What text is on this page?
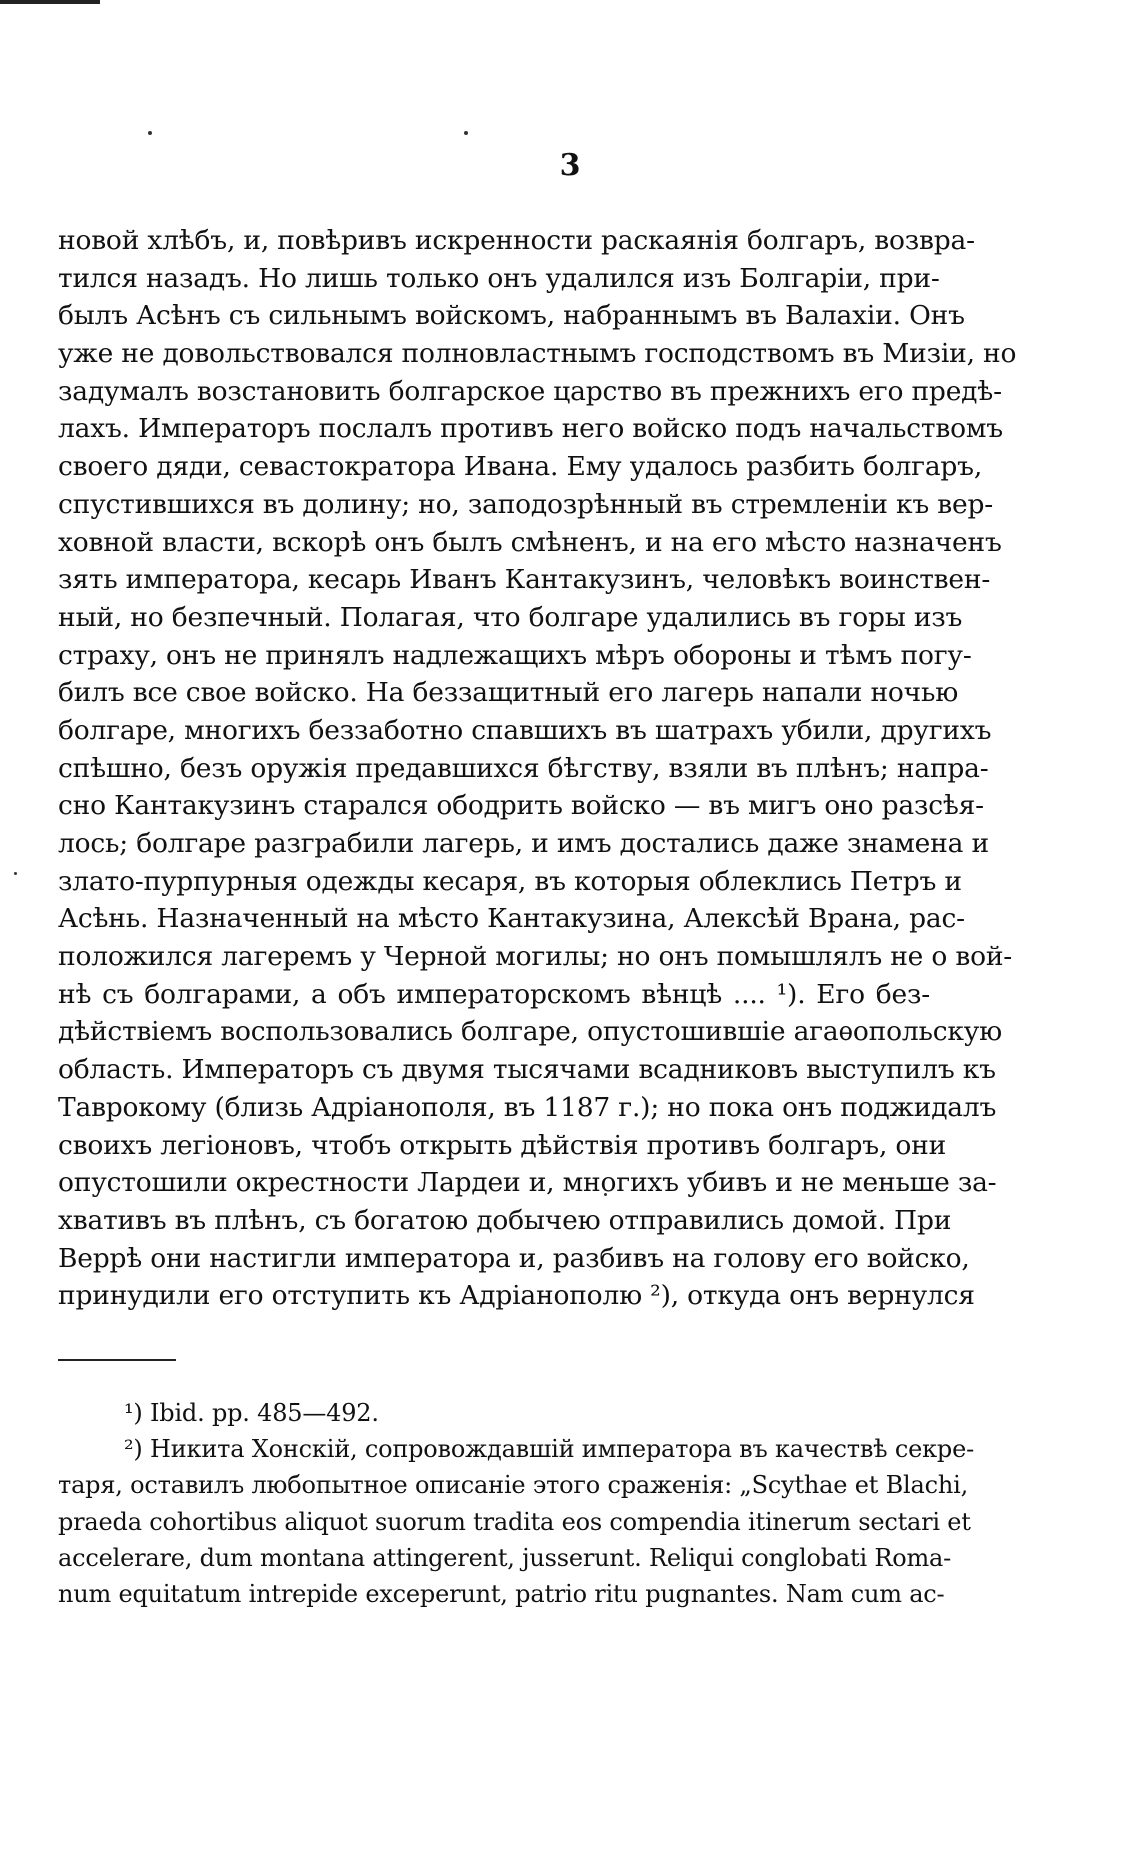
3
новой хлѣбъ, и, повѣривъ искренности раскаянія болгаръ, возвра-
тился назадъ. Но лишь только онъ удалился изъ Болгаріи, при-
былъ Асѣнъ съ сильнымъ войскомъ, набраннымъ въ Валахіи. Онъ
уже не довольствовался полновластнымъ господствомъ въ Мизіи, но
задумалъ возстановить болгарское царство въ прежнихъ его предѣ-
лахъ. Императоръ послалъ противъ него войско подъ начальствомъ
своего дяди, севастократора Ивана. Ему удалось разбить болгаръ,
спустившихся въ долину; но, заподозрѣнный въ стремленіи къ вер-
ховной власти, вскорѣ онъ былъ смѣненъ, и на его мѣсто назначенъ
зять императора, кесарь Иванъ Кантакузинъ, человѣкъ воинствен-
ный, но безпечный. Полагая, что болгаре удалились въ горы изъ
страху, онъ не принялъ надлежащихъ мѣръ обороны и тѣмъ погу-
билъ все свое войско. На беззащитный его лагерь напали ночью
болгаре, многихъ беззаботно спавшихъ въ шатрахъ убили, другихъ
спѣшно, безъ оружія предавшихся бѣгству, взяли въ плѣнъ; напра-
сно Кантакузинъ старался ободрить войско — въ мигъ оно разсѣя-
лось; болгаре разграбили лагерь, и имъ достались даже знамена и
злато-пурпурныя одежды кесаря, въ которыя облеклись Петръ и
Асѣнь. Назначенный на мѣсто Кантакузина, Алексѣй Врана, рас-
положился лагеремъ у Черной могилы; но онъ помышлялъ не о вой-
нѣ съ болгарами, а объ императорскомъ вѣнцѣ .... ¹). Его без-
дѣйствіемъ воспользовались болгаре, опустошившіе агаѳопольскую
область. Императоръ съ двумя тысячами всадниковъ выступилъ къ
Таврокому (близь Адріанополя, въ 1187 г.); но пока онъ поджидалъ
своихъ легіоновъ, чтобъ открыть дѣйствія противъ болгаръ, они
опустошили окрестности Лардеи и, многихъ убивъ и не меньше за-
хвативъ въ плѣнъ, съ богатою добычею отправились домой. При
Веррѣ они настигли императора и, разбивъ на голову его войско,
принудили его отступить къ Адріанополю ²), откуда онъ вернулся
¹) Ibid. pp. 485—492.
²) Никита Хонскій, сопровождавшій императора въ качествѣ секре-
таря, оставилъ любопытное описаніе этого сраженія: „Scythae et Blachi,
praeda cohortibus aliquot suorum tradita eos compendia itinerum sectari et
accelerare, dum montana attingerent, jusserunt. Reliqui conglobati Roma-
num equitatum intrepide exceperunt, patrio ritu pugnantes. Nam cum ac-
